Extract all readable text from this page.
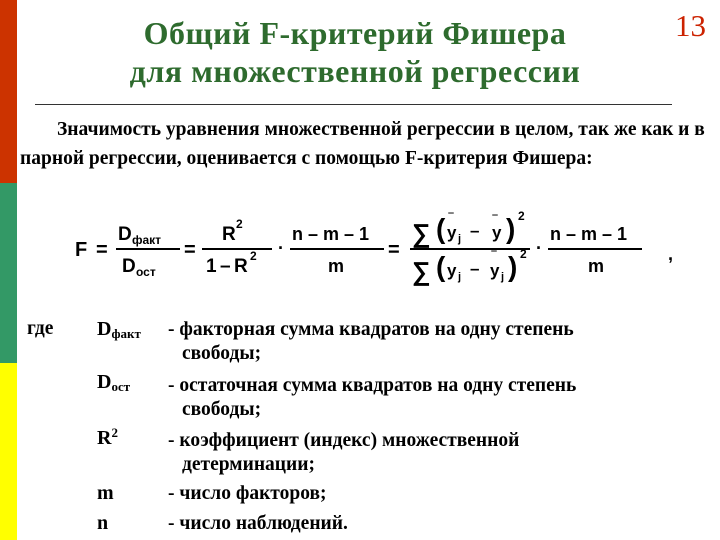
Общий F-критерий Фишера
для множественной регрессии
13
Значимость уравнения множественной регрессии в целом, так же как и в парной регрессии, оценивается с помощью F-критерия Фишера:
F =
D факт
D ост
=
R 2
1 – R 2 ·
n – m – 1
m
=
∑ ( y
‾
j – y
‾ ) 2
∑ ( y j – y
‾
j ) 2 ·
n – m – 1
m
,
где $D_{факт}$ - факторная сумма квадратов на одну степень
свободы;
$D_{ост}$ - остаточная сумма квадратов на одну степень
свободы;
$R^2$	- коэффициент (индекс) множественной
детерминации;
m	- число факторов;
n	- число наблюдений.
